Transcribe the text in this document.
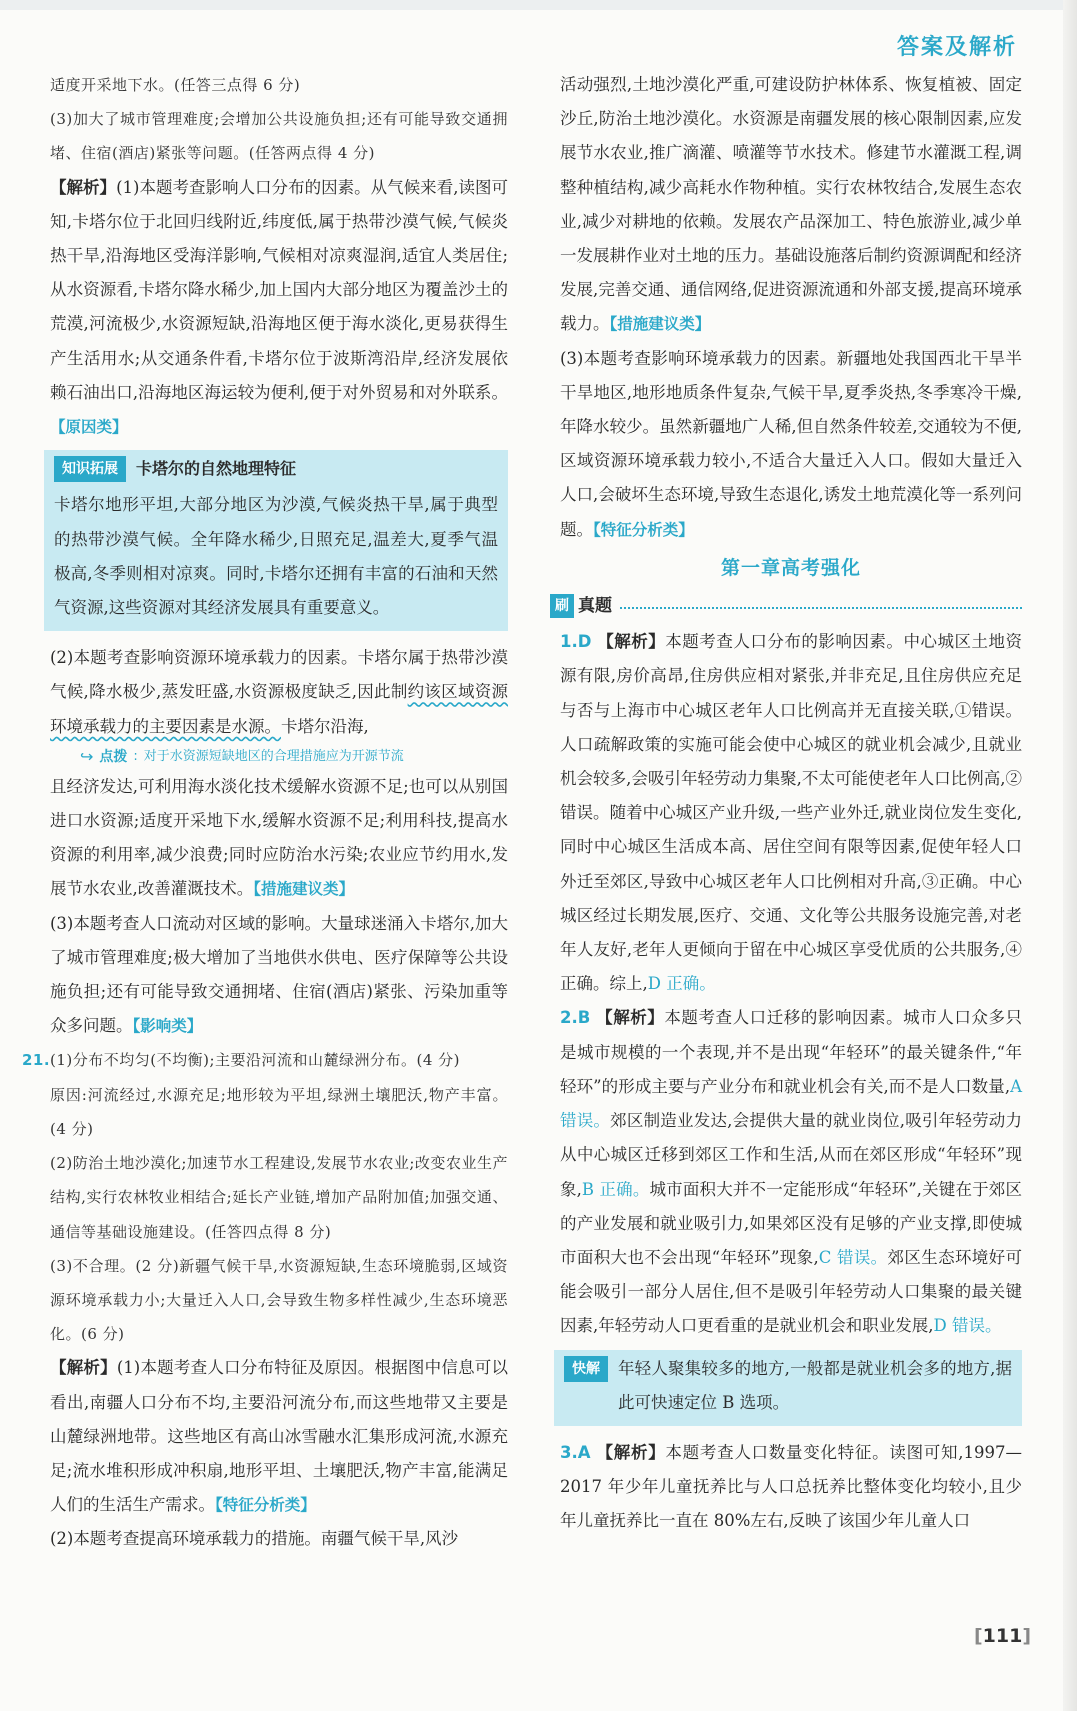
答案及解析

适度开采地下水。(任答三点得 6 分)

(3)加大了城市管理难度;会增加公共设施负担;还有可能导致交通拥堵、住宿(酒店)紧张等问题。(任答两点得 4 分)

【解析】(1)本题考查影响人口分布的因素。从气候来看,读图可知,卡塔尔位于北回归线附近,纬度低,属于热带沙漠气候,气候炎热干旱,沿海地区受海洋影响,气候相对凉爽湿润,适宜人类居住;从水资源看,卡塔尔降水稀少,加上国内大部分地区为覆盖沙土的荒漠,河流极少,水资源短缺,沿海地区便于海水淡化,更易获得生产生活用水;从交通条件看,卡塔尔位于波斯湾沿岸,经济发展依赖石油出口,沿海地区海运较为便利,便于对外贸易和对外联系。【原因类】

知识拓展	卡塔尔的自然地理特征

卡塔尔地形平坦,大部分地区为沙漠,气候炎热干旱,属于典型的热带沙漠气候。全年降水稀少,日照充足,温差大,夏季气温极高,冬季则相对凉爽。同时,卡塔尔还拥有丰富的石油和天然气资源,这些资源对其经济发展具有重要意义。

(2)本题考查影响资源环境承载力的因素。卡塔尔属于热带沙漠气候,降水极少,蒸发旺盛,水资源极度缺乏,因此制约该区域资源环境承载力的主要因素是水源。卡塔尔沿海,

↪ 点拨 : 对于水资源短缺地区的合理措施应为开源节流

且经济发达,可利用海水淡化技术缓解水资源不足;也可以从别国进口水资源;适度开采地下水,缓解水资源不足;利用科技,提高水资源的利用率,减少浪费;同时应防治水污染;农业应节约用水,发展节水农业,改善灌溉技术。【措施建议类】

(3)本题考查人口流动对区域的影响。大量球迷涌入卡塔尔,加大了城市管理难度;极大增加了当地供水供电、医疗保障等公共设施负担;还有可能导致交通拥堵、住宿(酒店)紧张、污染加重等众多问题。【影响类】

21.(1)分布不均匀(不均衡);主要沿河流和山麓绿洲分布。(4 分)

原因:河流经过,水源充足;地形较为平坦,绿洲土壤肥沃,物产丰富。(4 分)

(2)防治土地沙漠化;加速节水工程建设,发展节水农业;改变农业生产结构,实行农林牧业相结合;延长产业链,增加产品附加值;加强交通、通信等基础设施建设。(任答四点得 8 分)

(3)不合理。(2 分)新疆气候干旱,水资源短缺,生态环境脆弱,区域资源环境承载力小;大量迁入人口,会导致生物多样性减少,生态环境恶化。(6 分)

【解析】(1)本题考查人口分布特征及原因。根据图中信息可以看出,南疆人口分布不均,主要沿河流分布,而这些地带又主要是山麓绿洲地带。这些地区有高山冰雪融水汇集形成河流,水源充足;流水堆积形成冲积扇,地形平坦、土壤肥沃,物产丰富,能满足人们的生活生产需求。【特征分析类】

(2)本题考查提高环境承载力的措施。南疆气候干旱,风沙

活动强烈,土地沙漠化严重,可建设防护林体系、恢复植被、固定沙丘,防治土地沙漠化。水资源是南疆发展的核心限制因素,应发展节水农业,推广滴灌、喷灌等节水技术。修建节水灌溉工程,调整种植结构,减少高耗水作物种植。实行农林牧结合,发展生态农业,减少对耕地的依赖。发展农产品深加工、特色旅游业,减少单一发展耕作业对土地的压力。基础设施落后制约资源调配和经济发展,完善交通、通信网络,促进资源流通和外部支援,提高环境承载力。【措施建议类】

(3)本题考查影响环境承载力的因素。新疆地处我国西北干旱半干旱地区,地形地质条件复杂,气候干旱,夏季炎热,冬季寒冷干燥,年降水较少。虽然新疆地广人稀,但自然条件较差,交通较为不便,区域资源环境承载力较小,不适合大量迁入人口。假如大量迁入人口,会破坏生态环境,导致生态退化,诱发土地荒漠化等一系列问题。【特征分析类】

第一章高考强化
刷 真题

1.D 【解析】本题考查人口分布的影响因素。中心城区土地资源有限,房价高昂,住房供应相对紧张,并非充足,且住房供应充足与否与上海市中心城区老年人口比例高并无直接关联,①错误。人口疏解政策的实施可能会使中心城区的就业机会减少,且就业机会较多,会吸引年轻劳动力集聚,不太可能使老年人口比例高,②错误。随着中心城区产业升级,一些产业外迁,就业岗位发生变化,同时中心城区生活成本高、居住空间有限等因素,促使年轻人口外迁至郊区,导致中心城区老年人口比例相对升高,③正确。中心城区经过长期发展,医疗、交通、文化等公共服务设施完善,对老年人友好,老年人更倾向于留在中心城区享受优质的公共服务,④正确。综上,D 正确。

2.B 【解析】本题考查人口迁移的影响因素。城市人口众多只是城市规模的一个表现,并不是出现“年轻环”的最关键条件,“年轻环”的形成主要与产业分布和就业机会有关,而不是人口数量,A 错误。郊区制造业发达,会提供大量的就业岗位,吸引年轻劳动力从中心城区迁移到郊区工作和生活,从而在郊区形成“年轻环”现象,B 正确。城市面积大并不一定能形成“年轻环”,关键在于郊区的产业发展和就业吸引力,如果郊区没有足够的产业支撑,即使城市面积大也不会出现“年轻环”现象,C 错误。郊区生态环境好可能会吸引一部分人居住,但不是吸引年轻劳动人口集聚的最关键因素,年轻劳动人口更看重的是就业机会和职业发展,D 错误。

快解	年轻人聚集较多的地方,一般都是就业机会多的地方,据此可快速定位 B 选项。

3.A 【解析】本题考查人口数量变化特征。读图可知,1997—2017 年少年儿童抚养比与人口总抚养比整体变化均较小,且少年儿童抚养比一直在 80%左右,反映了该国少年儿童人口

[111]
